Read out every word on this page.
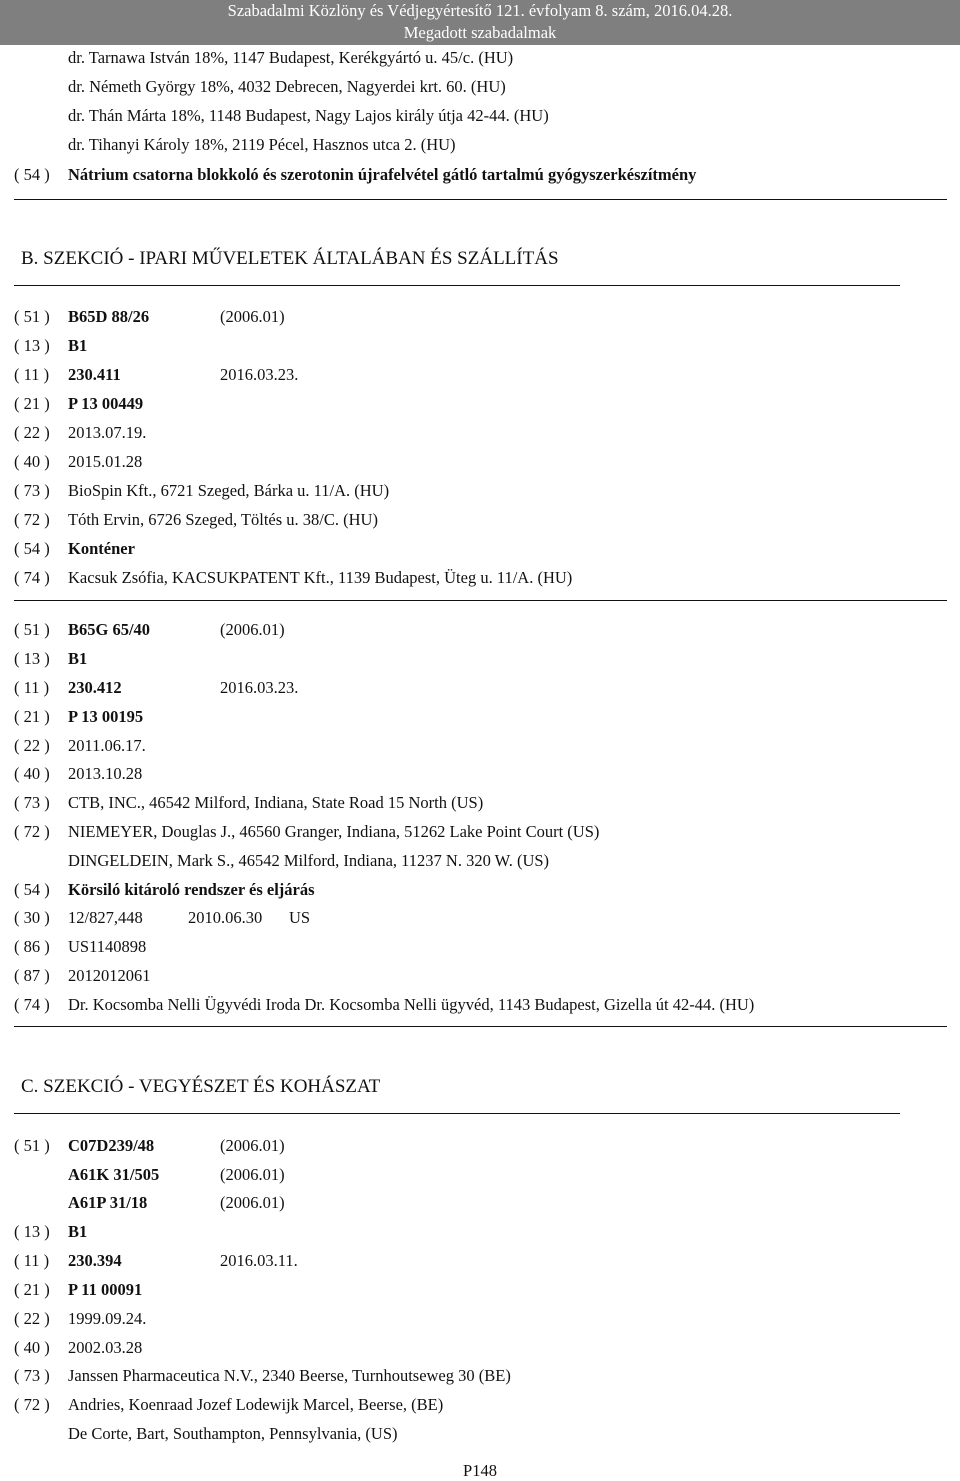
Szabadalmi Közlöny és Védjegyértesítő 121. évfolyam 8. szám, 2016.04.28.
Megadott szabadalmak
dr. Tarnawa István 18%, 1147 Budapest, Kerékgyártó u. 45/c. (HU)
dr. Németh György 18%, 4032 Debrecen, Nagyerdei krt. 60. (HU)
dr. Thán Márta 18%, 1148 Budapest, Nagy Lajos király útja 42-44. (HU)
dr. Tihanyi Károly 18%, 2119 Pécel, Hasznos utca 2. (HU)
( 54 ) Nátrium csatorna blokkoló és szerotonin újrafelvétel gátló tartalmú gyógyszerkészítmény
B. SZEKCIÓ - IPARI MŰVELETEK ÁLTALÁBAN ÉS SZÁLLÍTÁS
( 51 ) B65D 88/26	(2006.01)
( 13 ) B1
( 11 ) 230.411	2016.03.23.
( 21 ) P 13 00449
( 22 ) 2013.07.19.
( 40 ) 2015.01.28
( 73 ) BioSpin Kft., 6721 Szeged, Bárka u. 11/A. (HU)
( 72 ) Tóth Ervin, 6726 Szeged, Töltés u. 38/C. (HU)
( 54 ) Konténer
( 74 ) Kacsuk Zsófia, KACSUKPATENT Kft., 1139 Budapest, Üteg u. 11/A. (HU)
( 51 ) B65G 65/40	(2006.01)
( 13 ) B1
( 11 ) 230.412	2016.03.23.
( 21 ) P 13 00195
( 22 ) 2011.06.17.
( 40 ) 2013.10.28
( 73 ) CTB, INC., 46542 Milford, Indiana, State Road 15 North (US)
( 72 ) NIEMEYER, Douglas J., 46560 Granger, Indiana, 51262 Lake Point Court (US)
DINGELDEIN, Mark S., 46542 Milford, Indiana, 11237 N. 320 W. (US)
( 54 ) Körsiló kitároló rendszer és eljárás
( 30 ) 12/827,448	2010.06.30 US
( 86 ) US1140898
( 87 ) 2012012061
( 74 ) Dr. Kocsomba Nelli Ügyvédi Iroda Dr. Kocsomba Nelli ügyvéd, 1143 Budapest, Gizella út 42-44. (HU)
C. SZEKCIÓ - VEGYÉSZET ÉS KOHÁSZAT
( 51 ) C07D239/48	(2006.01)
A61K 31/505	(2006.01)
A61P 31/18	(2006.01)
( 13 ) B1
( 11 ) 230.394	2016.03.11.
( 21 ) P 11 00091
( 22 ) 1999.09.24.
( 40 ) 2002.03.28
( 73 ) Janssen Pharmaceutica N.V., 2340 Beerse, Turnhoutseweg 30 (BE)
( 72 ) Andries, Koenraad Jozef Lodewijk Marcel, Beerse, (BE)
De Corte, Bart, Southampton, Pennsylvania, (US)
P148
